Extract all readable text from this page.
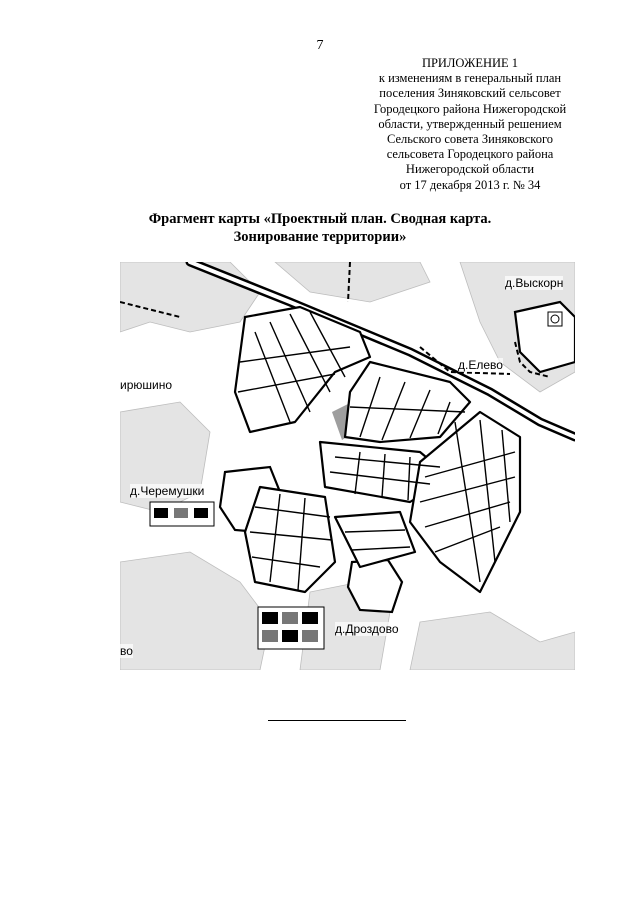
7
ПРИЛОЖЕНИЕ 1
к изменениям в генеральный план
поселения Зиняковский сельсовет
Городецкого района Нижегородской
области, утвержденный решением
Сельского совета Зиняковского
сельсовета Городецкого района
Нижегородской области
от 17 декабря 2013 г. № 34
Фрагмент карты «Проектный план. Сводная карта.
Зонирование территории»
д.Выскорн
д.Елево
ирюшино
д.Черемушки
д.Дроздово
во
